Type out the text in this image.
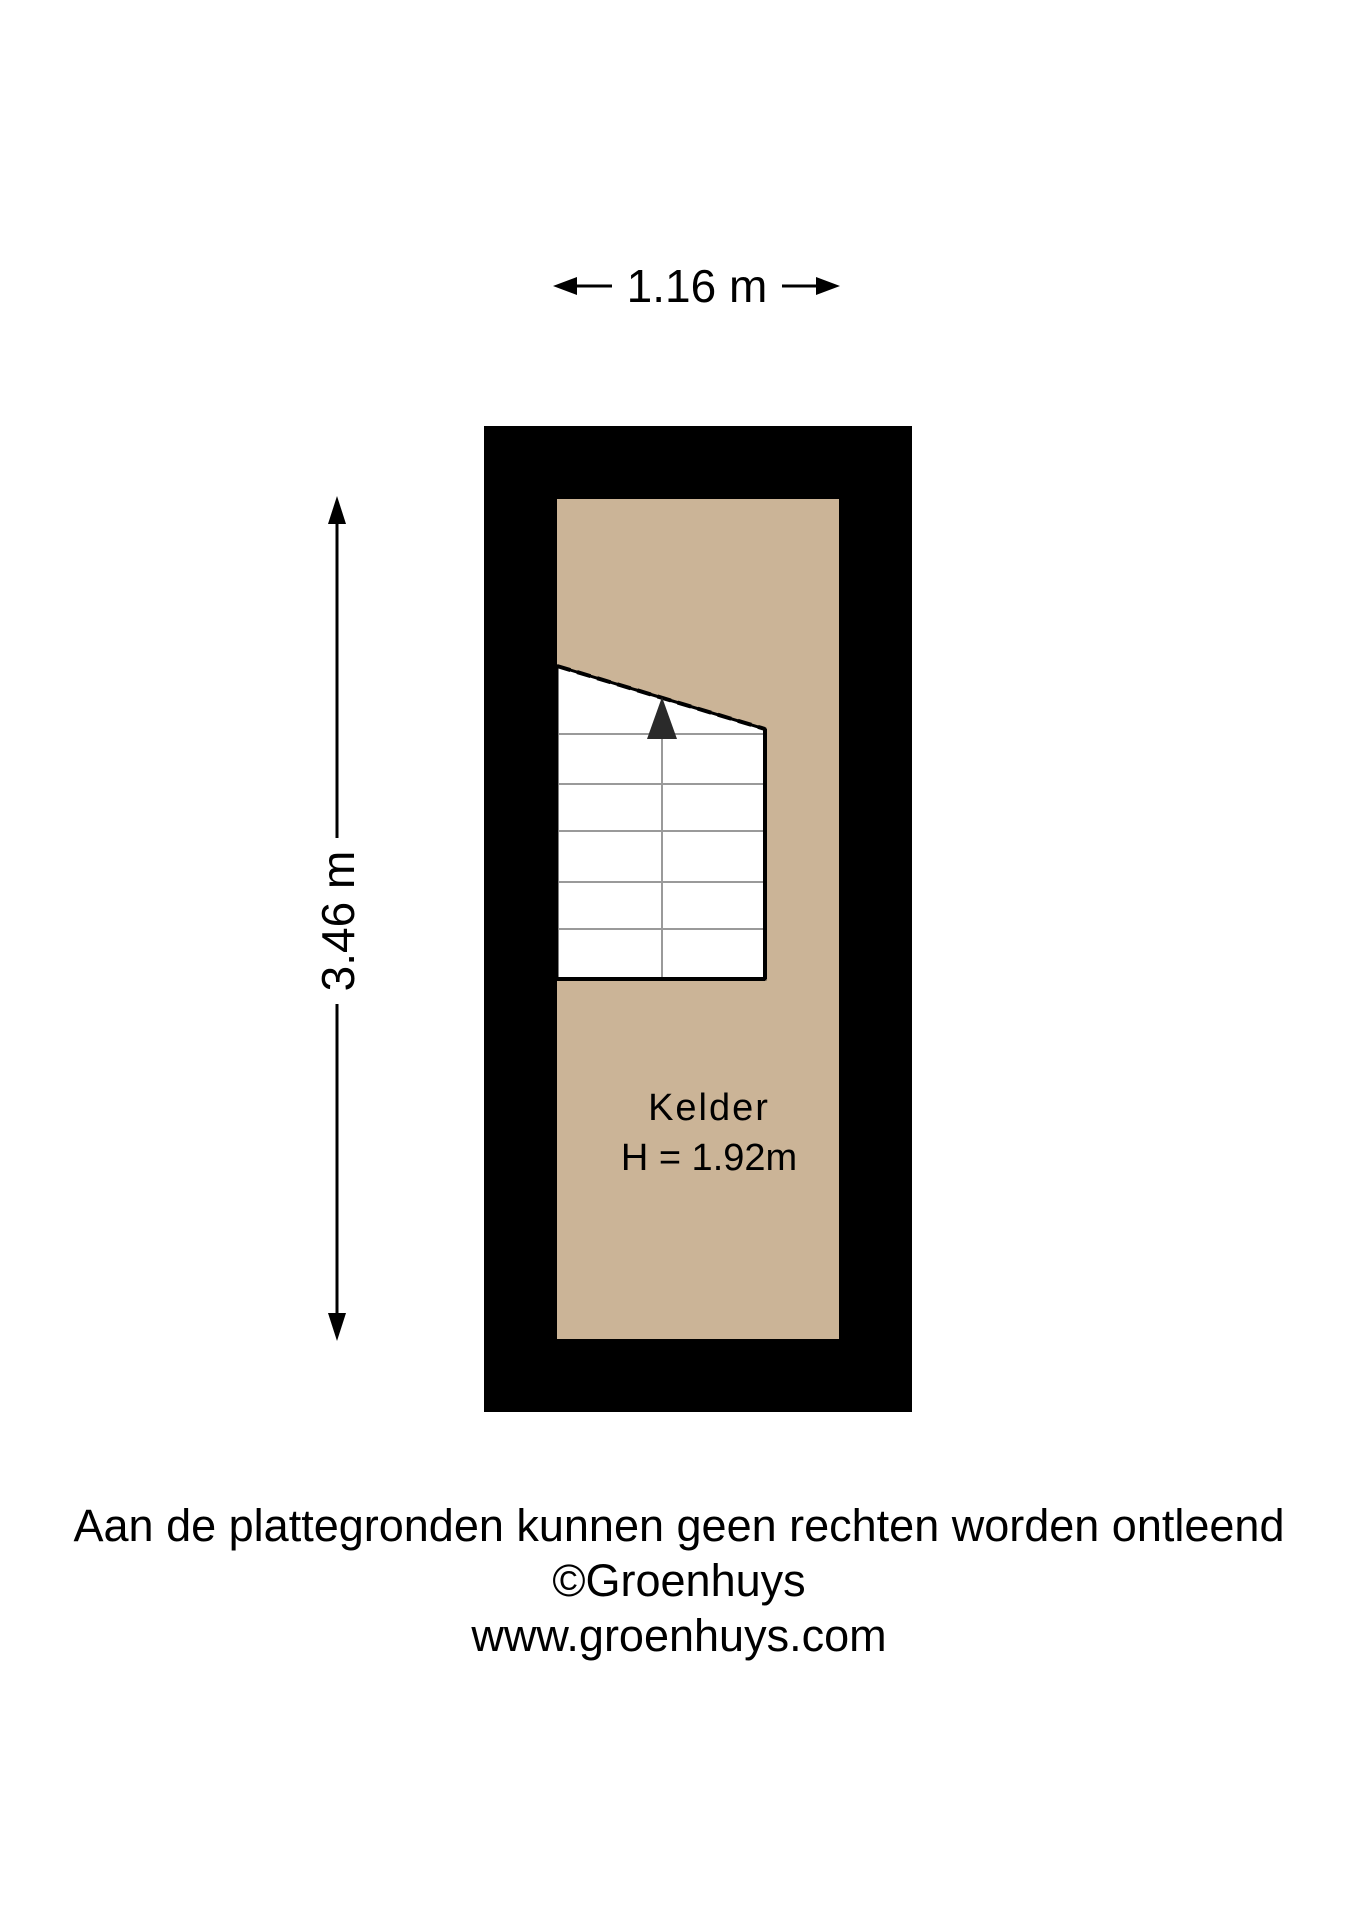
1.16 m
3.46 m
Kelder
H = 1.92m
Aan de plattegronden kunnen geen rechten worden ontleend
©Groenhuys
www.groenhuys.com
